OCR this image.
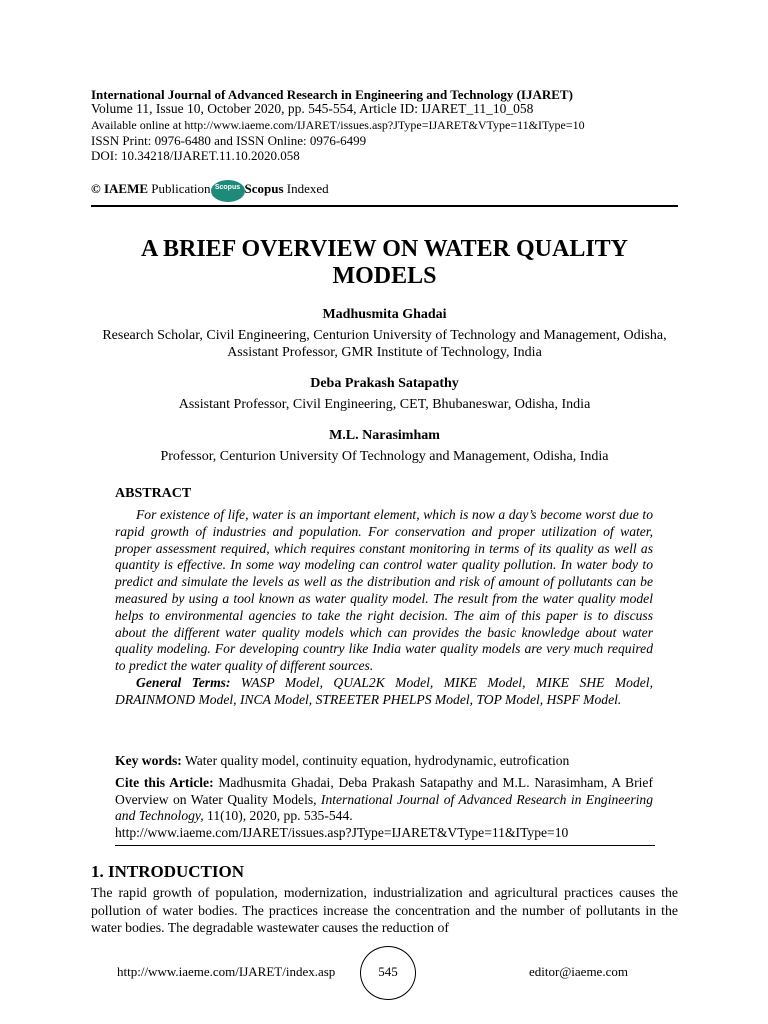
International Journal of Advanced Research in Engineering and Technology (IJARET)
Volume 11, Issue 10, October 2020, pp. 545-554, Article ID: IJARET_11_10_058
Available online at http://www.iaeme.com/IJARET/issues.asp?JType=IJARET&VType=11&IType=10
ISSN Print: 0976-6480 and ISSN Online: 0976-6499
DOI: 10.34218/IJARET.11.10.2020.058
© IAEME Publication Scopus Scopus Indexed
A BRIEF OVERVIEW ON WATER QUALITY MODELS
Madhusmita Ghadai
Research Scholar, Civil Engineering, Centurion University of Technology and Management, Odisha, Assistant Professor, GMR Institute of Technology, India
Deba Prakash Satapathy
Assistant Professor, Civil Engineering, CET, Bhubaneswar, Odisha, India
M.L. Narasimham
Professor, Centurion University Of Technology and Management, Odisha, India
ABSTRACT

For existence of life, water is an important element, which is now a day’s become worst due to rapid growth of industries and population. For conservation and proper utilization of water, proper assessment required, which requires constant monitoring in terms of its quality as well as quantity is effective. In some way modeling can control water quality pollution. In water body to predict and simulate the levels as well as the distribution and risk of amount of pollutants can be measured by using a tool known as water quality model. The result from the water quality model helps to environmental agencies to take the right decision. The aim of this paper is to discuss about the different water quality models which can provides the basic knowledge about water quality modeling. For developing country like India water quality models are very much required to predict the water quality of different sources.

General Terms: WASP Model, QUAL2K Model, MIKE Model, MIKE SHE Model, DRAINMOND Model, INCA Model, STREETER PHELPS Model, TOP Model, HSPF Model.

Key words: Water quality model, continuity equation, hydrodynamic, eutrofication
Cite this Article: Madhusmita Ghadai, Deba Prakash Satapathy and M.L. Narasimham, A Brief Overview on Water Quality Models, International Journal of Advanced Research in Engineering and Technology, 11(10), 2020, pp. 535-544.
http://www.iaeme.com/IJARET/issues.asp?JType=IJARET&VType=11&IType=10
1. INTRODUCTION
The rapid growth of population, modernization, industrialization and agricultural practices causes the pollution of water bodies. The practices increase the concentration and the number of pollutants in the water bodies. The degradable wastewater causes the reduction of
http://www.iaeme.com/IJARET/index.asp	545	editor@iaeme.com
